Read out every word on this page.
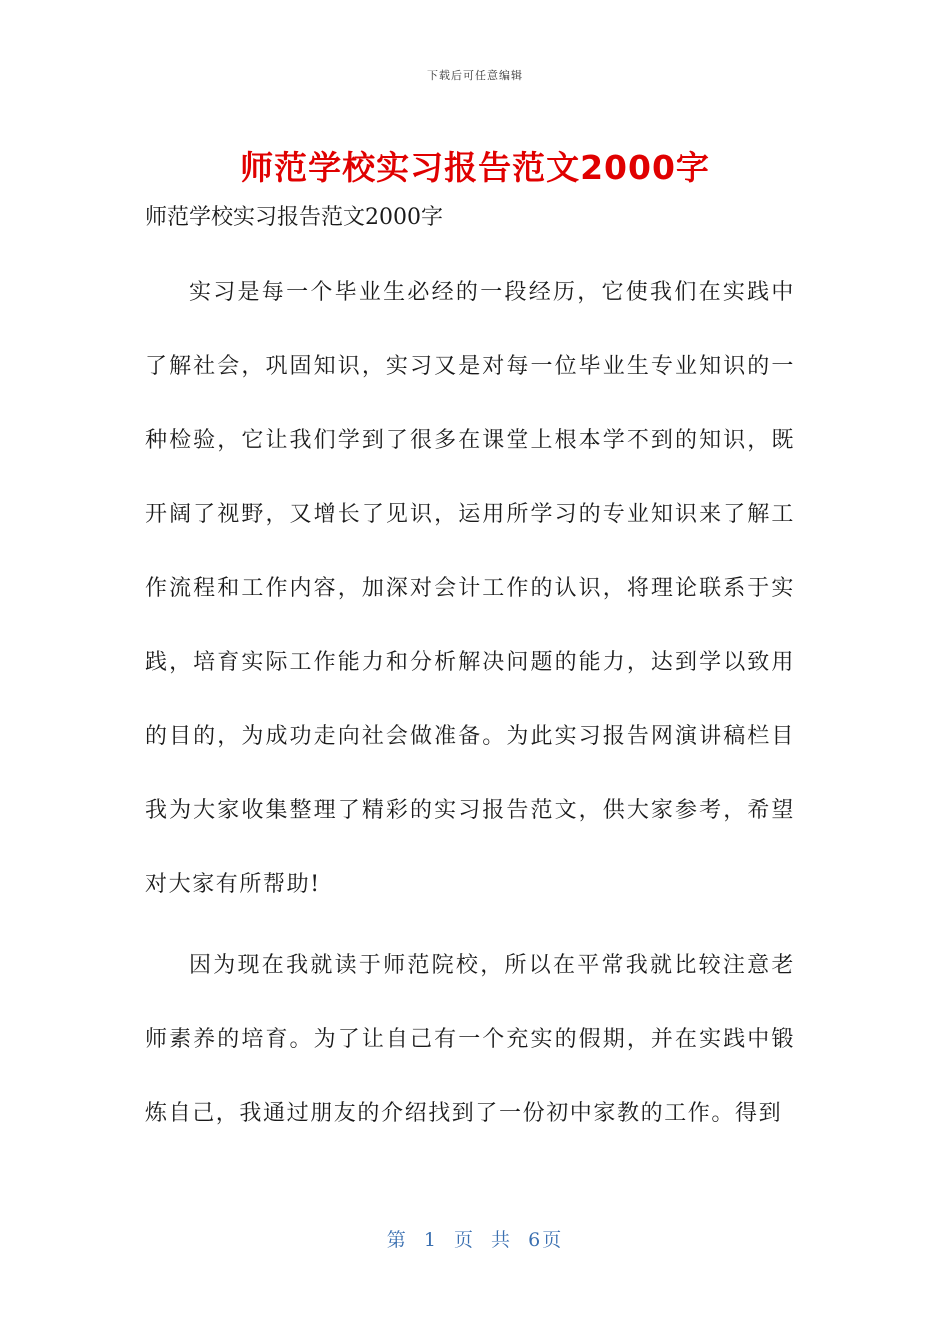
下载后可任意编辑
师范学校实习报告范文2000字

师范学校实习报告范文2000字

实习是每一个毕业生必经的一段经历，它使我们在实践中了解社会，巩固知识，实习又是对每一位毕业生专业知识的一种检验，它让我们学到了很多在课堂上根本学不到的知识，既开阔了视野，又增长了见识，运用所学习的专业知识来了解工作流程和工作内容，加深对会计工作的认识，将理论联系于实践，培育实际工作能力和分析解决问题的能力，达到学以致用的目的，为成功走向社会做准备。为此实习报告网演讲稿栏目我为大家收集整理了精彩的实习报告范文，供大家参考，希望对大家有所帮助!

因为现在我就读于师范院校，所以在平常我就比较注意老师素养的培育。为了让自己有一个充实的假期，并在实践中锻炼自己，我通过朋友的介绍找到了一份初中家教的工作。得到

第 1 页 共 6页
